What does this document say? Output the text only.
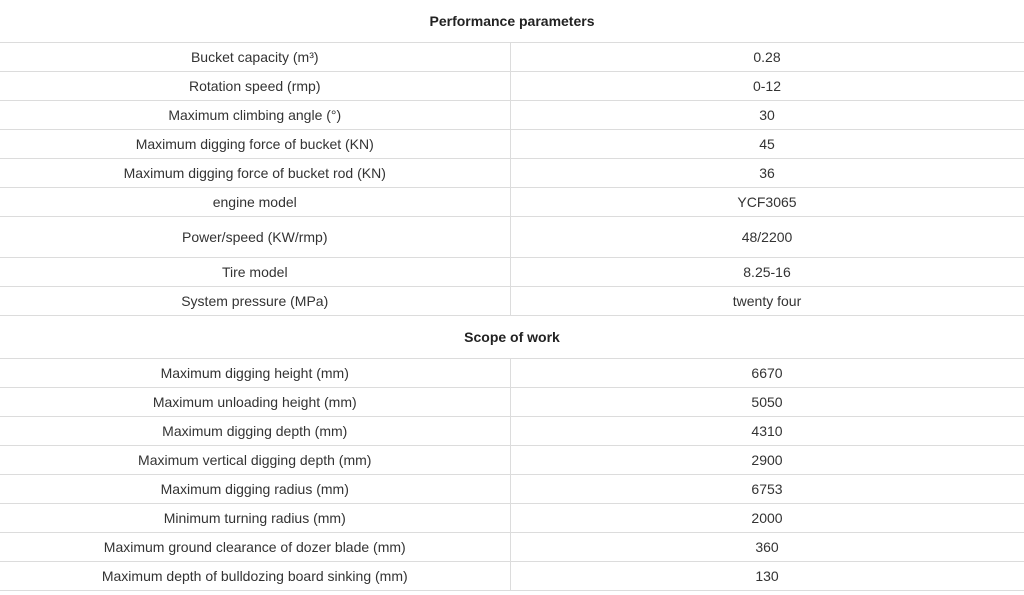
Performance parameters	
Bucket capacity (m³)	0.28
Rotation speed (rmp)	0-12
Maximum climbing angle (°)	30
Maximum digging force of bucket (KN)	45
Maximum digging force of bucket rod (KN)	36
engine model	YCF3065
Power/speed (KW/rmp)	48/2200
Tire model	8.25-16
System pressure (MPa)	twenty four
Scope of work	
Maximum digging height (mm)	6670
Maximum unloading height (mm)	5050
Maximum digging depth (mm)	4310
Maximum vertical digging depth (mm)	2900
Maximum digging radius (mm)	6753
Minimum turning radius (mm)	2000
Maximum ground clearance of dozer blade (mm)	360
Maximum depth of bulldozing board sinking (mm)	130
